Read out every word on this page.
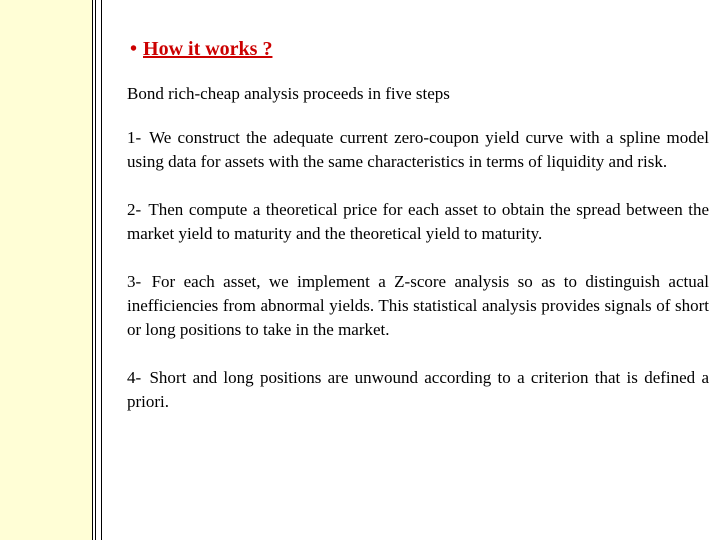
• How it works ?

Bond rich-cheap analysis proceeds in five steps

1- We construct the adequate current zero-coupon yield curve with a spline model using data for assets with the same characteristics in terms of liquidity and risk.

2- Then compute a theoretical price for each asset to obtain the spread between the market yield to maturity and the theoretical yield to maturity.

3- For each asset, we implement a Z-score analysis so as to distinguish actual inefficiencies from abnormal yields. This statistical analysis provides signals of short or long positions to take in the market.

4- Short and long positions are unwound according to a criterion that is defined a priori.
